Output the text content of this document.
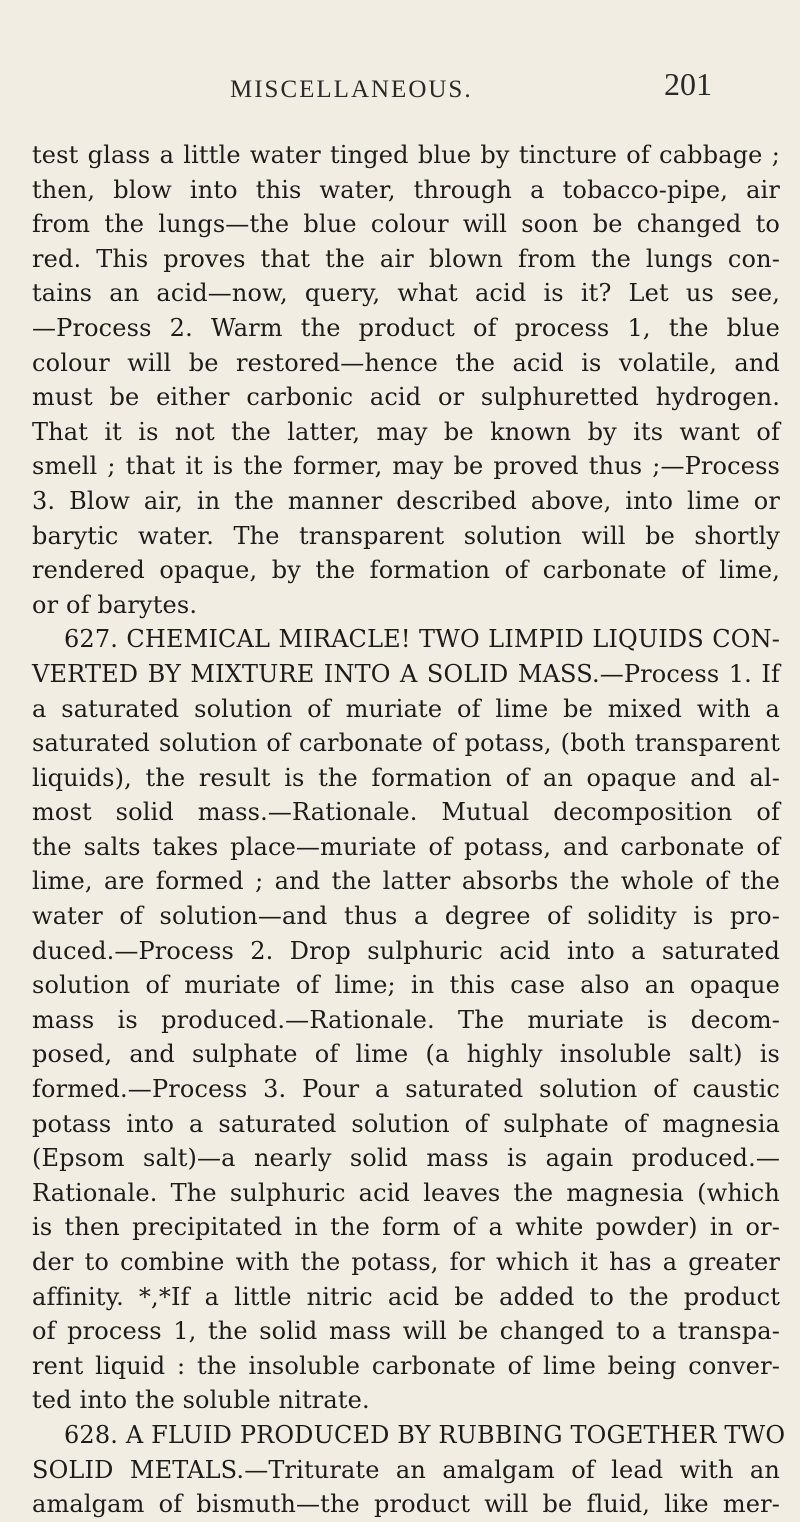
MISCELLANEOUS.	201
test glass a little water tinged blue by tincture of cabbage ;
then, blow into this water, through a tobacco-pipe, air
from the lungs—the blue colour will soon be changed to
red. This proves that the air blown from the lungs con-
tains an acid—now, query, what acid is it? Let us see,
—Process 2. Warm the product of process 1, the blue
colour will be restored—hence the acid is volatile, and
must be either carbonic acid or sulphuretted hydrogen.
That it is not the latter, may be known by its want of
smell ; that it is the former, may be proved thus ;—Process
3. Blow air, in the manner described above, into lime or
barytic water. The transparent solution will be shortly
rendered opaque, by the formation of carbonate of lime,
or of barytes.
627. CHEMICAL MIRACLE! TWO LIMPID LIQUIDS CON-
VERTED BY MIXTURE INTO A SOLID MASS.—Process 1. If
a saturated solution of muriate of lime be mixed with a
saturated solution of carbonate of potass, (both transparent
liquids), the result is the formation of an opaque and al-
most solid mass.—Rationale. Mutual decomposition of
the salts takes place—muriate of potass, and carbonate of
lime, are formed ; and the latter absorbs the whole of the
water of solution—and thus a degree of solidity is pro-
duced.—Process 2. Drop sulphuric acid into a saturated
solution of muriate of lime; in this case also an opaque
mass is produced.—Rationale. The muriate is decom-
posed, and sulphate of lime (a highly insoluble salt) is
formed.—Process 3. Pour a saturated solution of caustic
potass into a saturated solution of sulphate of magnesia
(Epsom salt)—a nearly solid mass is again produced.—
Rationale. The sulphuric acid leaves the magnesia (which
is then precipitated in the form of a white powder) in or-
der to combine with the potass, for which it has a greater
affinity. *,*If a little nitric acid be added to the product
of process 1, the solid mass will be changed to a transpa-
rent liquid : the insoluble carbonate of lime being conver-
ted into the soluble nitrate.
628. A FLUID PRODUCED BY RUBBING TOGETHER TWO
SOLID METALS.—Triturate an amalgam of lead with an
amalgam of bismuth—the product will be fluid, like mer-
